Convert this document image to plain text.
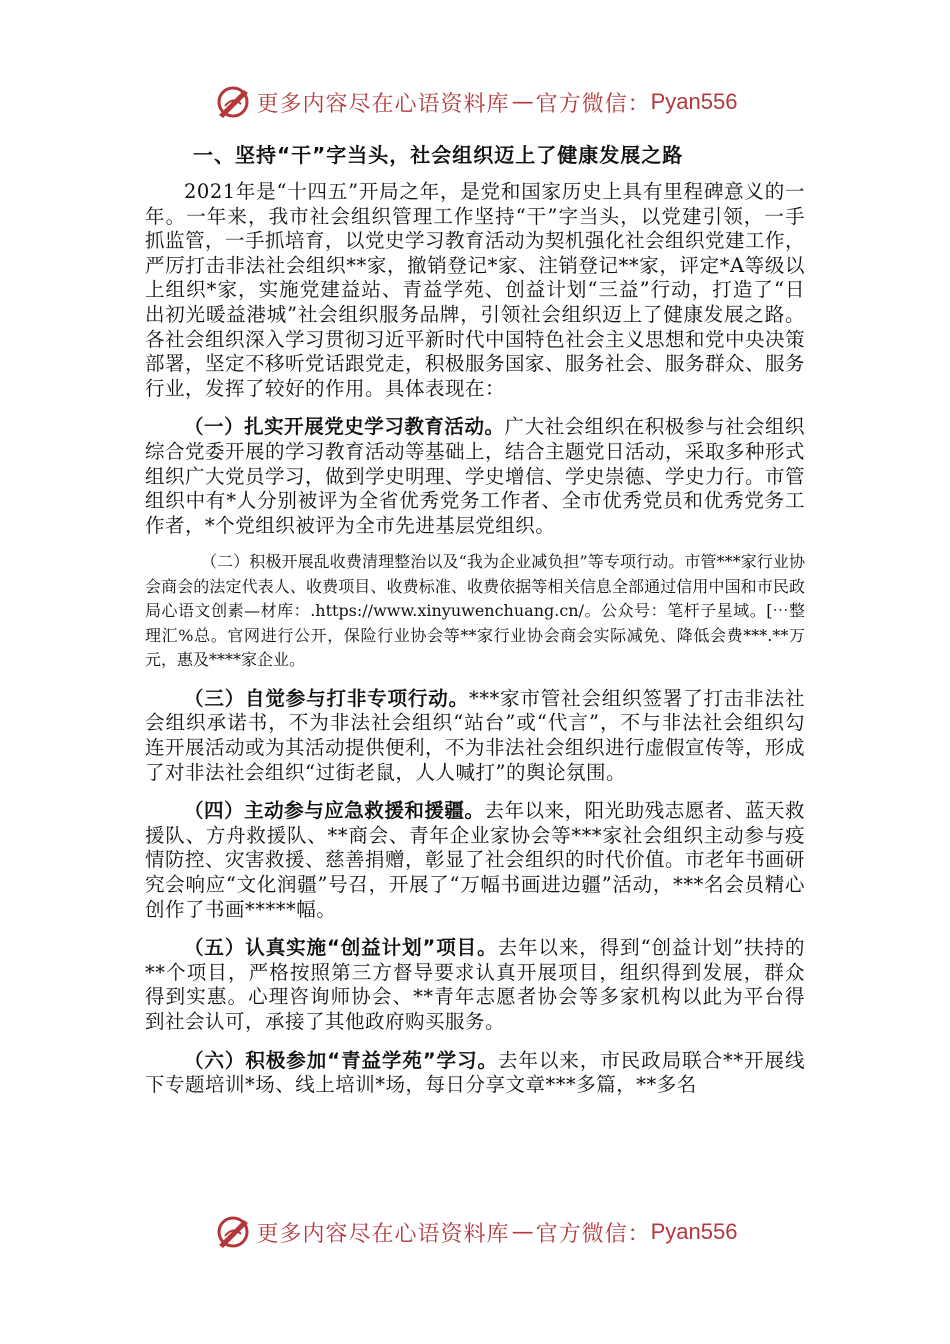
更多内容尽在心语资料库 — 官方微信： Pyan556
一、坚持“干”字当头，社会组织迈上了健康发展之路

2021年是“十四五”开局之年，是党和国家历史上具有里程碑意义的一年。一年来，我市社会组织管理工作坚持“干”字当头，以党建引领，一手抓监管，一手抓培育，以党史学习教育活动为契机强化社会组织党建工作，严厉打击非法社会组织**家，撤销登记*家、注销登记**家，评定*A等级以上组织*家，实施党建益站、青益学苑、创益计划“三益”行动，打造了“日出初光暖益港城”社会组织服务品牌，引领社会组织迈上了健康发展之路。各社会组织深入学习贯彻习近平新时代中国特色社会主义思想和党中央决策部署，坚定不移听党话跟党走，积极服务国家、服务社会、服务群众、服务行业，发挥了较好的作用。具体表现在：

（一）扎实开展党史学习教育活动。广大社会组织在积极参与社会组织综合党委开展的学习教育活动等基础上，结合主题党日活动，采取多种形式组织广大党员学习，做到学史明理、学史增信、学史崇德、学史力行。市管组织中有*人分别被评为全省优秀党务工作者、全市优秀党员和优秀党务工作者，*个党组织被评为全市先进基层党组织。

（二）积极开展乱收费清理整治以及“我为企业减负担”等专项行动。市管***家行业协会商会的法定代表人、收费项目、收费标准、收费依据等相关信息全部通过信用中国和市民政局心语文创素—材库：.https://www.xinyuwenchuang.cn/。公众号：笔杆子星域。[⋯整理汇%总。官网进行公开，保险行业协会等**家行业协会商会实际减免、降低会费***.**万元，惠及****家企业。

（三）自觉参与打非专项行动。***家市管社会组织签署了打击非法社会组织承诺书，不为非法社会组织“站台”或“代言”，不与非法社会组织勾连开展活动或为其活动提供便利，不为非法社会组织进行虚假宣传等，形成了对非法社会组织“过街老鼠，人人喊打”的舆论氛围。

（四）主动参与应急救援和援疆。去年以来，阳光助残志愿者、蓝天救援队、方舟救援队、**商会、青年企业家协会等***家社会组织主动参与疫情防控、灾害救援、慈善捐赠，彰显了社会组织的时代价值。市老年书画研究会响应“文化润疆”号召，开展了“万幅书画进边疆”活动，***名会员精心创作了书画*****幅。

（五）认真实施“创益计划”项目。去年以来，得到“创益计划”扶持的**个项目，严格按照第三方督导要求认真开展项目，组织得到发展，群众得到实惠。心理咨询师协会、**青年志愿者协会等多家机构以此为平台得到社会认可，承接了其他政府购买服务。

（六）积极参加“青益学苑”学习。去年以来，市民政局联合**开展线下专题培训*场、线上培训*场，每日分享文章***多篇，**多名

更多内容尽在心语资料库 — 官方微信： Pyan556
